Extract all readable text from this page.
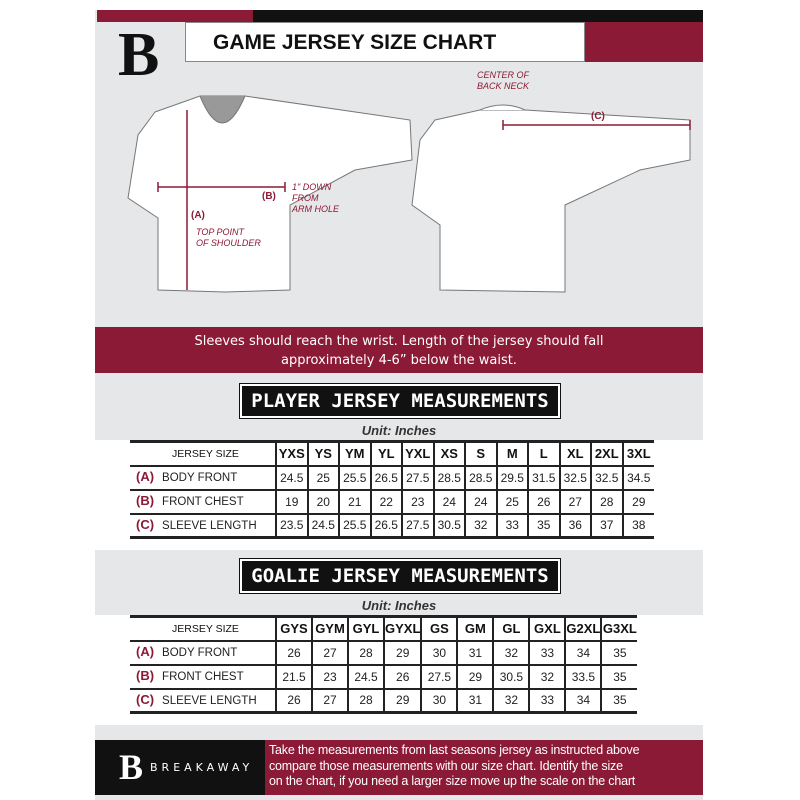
GAME JERSEY SIZE CHART
B	CENTER OF
BACK NECK
(C)
(B)
(A)
1" DOWN
FROM
ARM HOLE
TOP POINT
OF SHOULDER
Sleeves should reach the wrist. Length of the jersey should fall
approximately 4-6” below the waist.
PLAYER JERSEY MEASUREMENTS
Unit: Inches
JERSEY SIZE	YXS	YS	YM	YL	YXL	XS	S	M	L	XL	2XL	3XL
(A) BODY FRONT	24.5	25	25.5	26.5	27.5	28.5	28.5	29.5	31.5	32.5	32.5	34.5
(B) FRONT CHEST	19	20	21	22	23	24	24	25	26	27	28	29
(C) SLEEVE LENGTH	23.5	24.5	25.5	26.5	27.5	30.5	32	33	35	36	37	38
GOALIE JERSEY MEASUREMENTS
Unit: Inches
JERSEY SIZE	GYS	GYM	GYL	GYXL	GS	GM	GL	GXL	G2XL	G3XL
(A) BODY FRONT	26	27	28	29	30	31	32	33	34	35
(B) FRONT CHEST	21.5	23	24.5	26	27.5	29	30.5	32	33.5	35
(C) SLEEVE LENGTH	26	27	28	29	30	31	32	33	34	35
B BREAKAWAY
Take the measurements from last seasons jersey as instructed above
compare those measurements with our size chart. Identify the size
on the chart, if you need a larger size move up the scale on the chart
